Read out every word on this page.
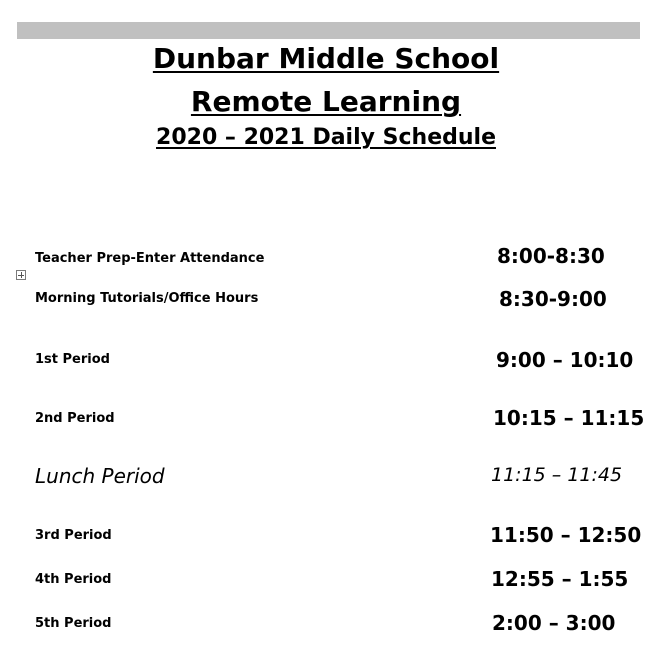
Dunbar Middle School
Remote Learning
2020 – 2021 Daily Schedule
Teacher Prep-Enter Attendance	8:00-8:30
Morning Tutorials/Office Hours	8:30-9:00
1st Period	9:00 – 10:10
2nd Period	10:15 – 11:15
Lunch Period	11:15 – 11:45
3rd Period	11:50 – 12:50
4th Period	12:55 – 1:55
5th Period	2:00 – 3:00
